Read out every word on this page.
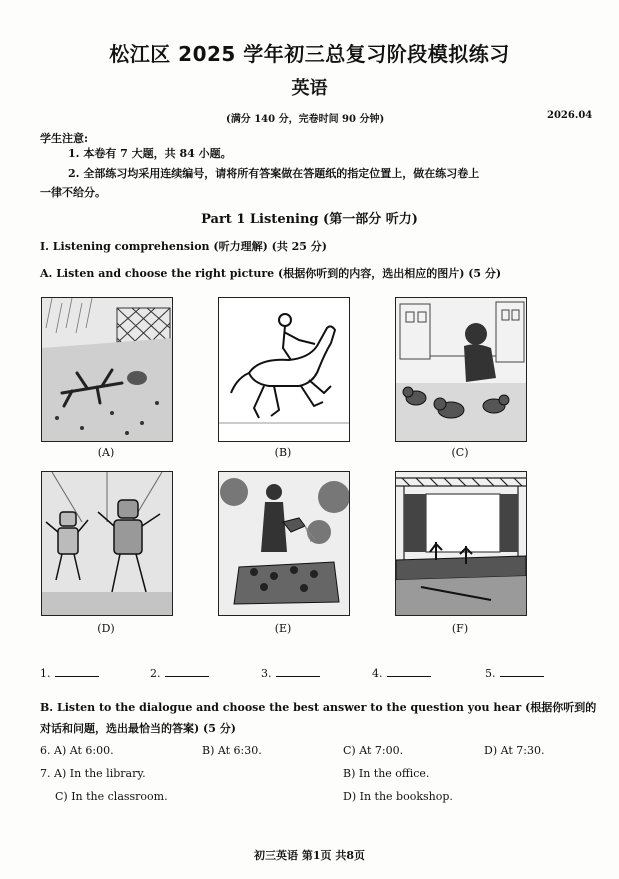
松江区 2025 学年初三总复习阶段模拟练习
英语
(满分 140 分，完卷时间 90 分钟)	2026.04
学生注意:
1. 本卷有 7 大题，共 84 小题。
2. 全部练习均采用连续编号，请将所有答案做在答题纸的指定位置上，做在练习卷上
一律不给分。
Part 1 Listening (第一部分 听力)
I. Listening comprehension (听力理解) (共 25 分)
A. Listen and choose the right picture (根据你听到的内容，选出相应的图片) (5 分)
(A)	(B)	(C)
(D)	(E)	(F)
1.	2.	3.	4.	5.
B. Listen to the dialogue and choose the best answer to the question you hear (根据你听到的对话和问题，选出最恰当的答案) (5 分)
6. A) At 6:00.	B) At 6:30.	C) At 7:00.	D) At 7:30.
7. A) In the library.	B) In the office.
C) In the classroom.	D) In the bookshop.
初三英语 第1页 共8页
